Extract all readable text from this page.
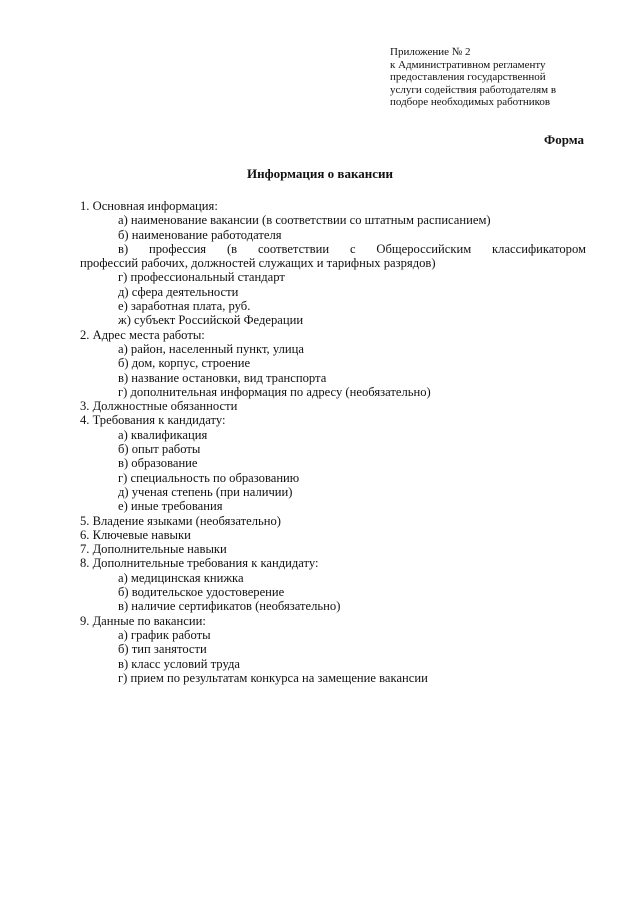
Приложение № 2
к Административном регламенту
предоставления государственной
услуги содействия работодателям в
подборе необходимых работников
Форма
Информация о вакансии
1. Основная информация:
а) наименование вакансии (в соответствии со штатным расписанием)
б) наименование работодателя
в) профессия (в соответствии с Общероссийским классификатором
профессий рабочих, должностей служащих и тарифных разрядов)
г) профессиональный стандарт
д) сфера деятельности
е) заработная плата, руб.
ж) субъект Российской Федерации
2. Адрес места работы:
а) район, населенный пункт, улица
б) дом, корпус, строение
в) название остановки, вид транспорта
г) дополнительная информация по адресу (необязательно)
3. Должностные обязанности
4. Требования к кандидату:
а) квалификация
б) опыт работы
в) образование
г) специальность по образованию
д) ученая степень (при наличии)
е) иные требования
5. Владение языками (необязательно)
6. Ключевые навыки
7. Дополнительные навыки
8. Дополнительные требования к кандидату:
а) медицинская книжка
б) водительское удостоверение
в) наличие сертификатов (необязательно)
9. Данные по вакансии:
а) график работы
б) тип занятости
в) класс условий труда
г) прием по результатам конкурса на замещение вакансии
